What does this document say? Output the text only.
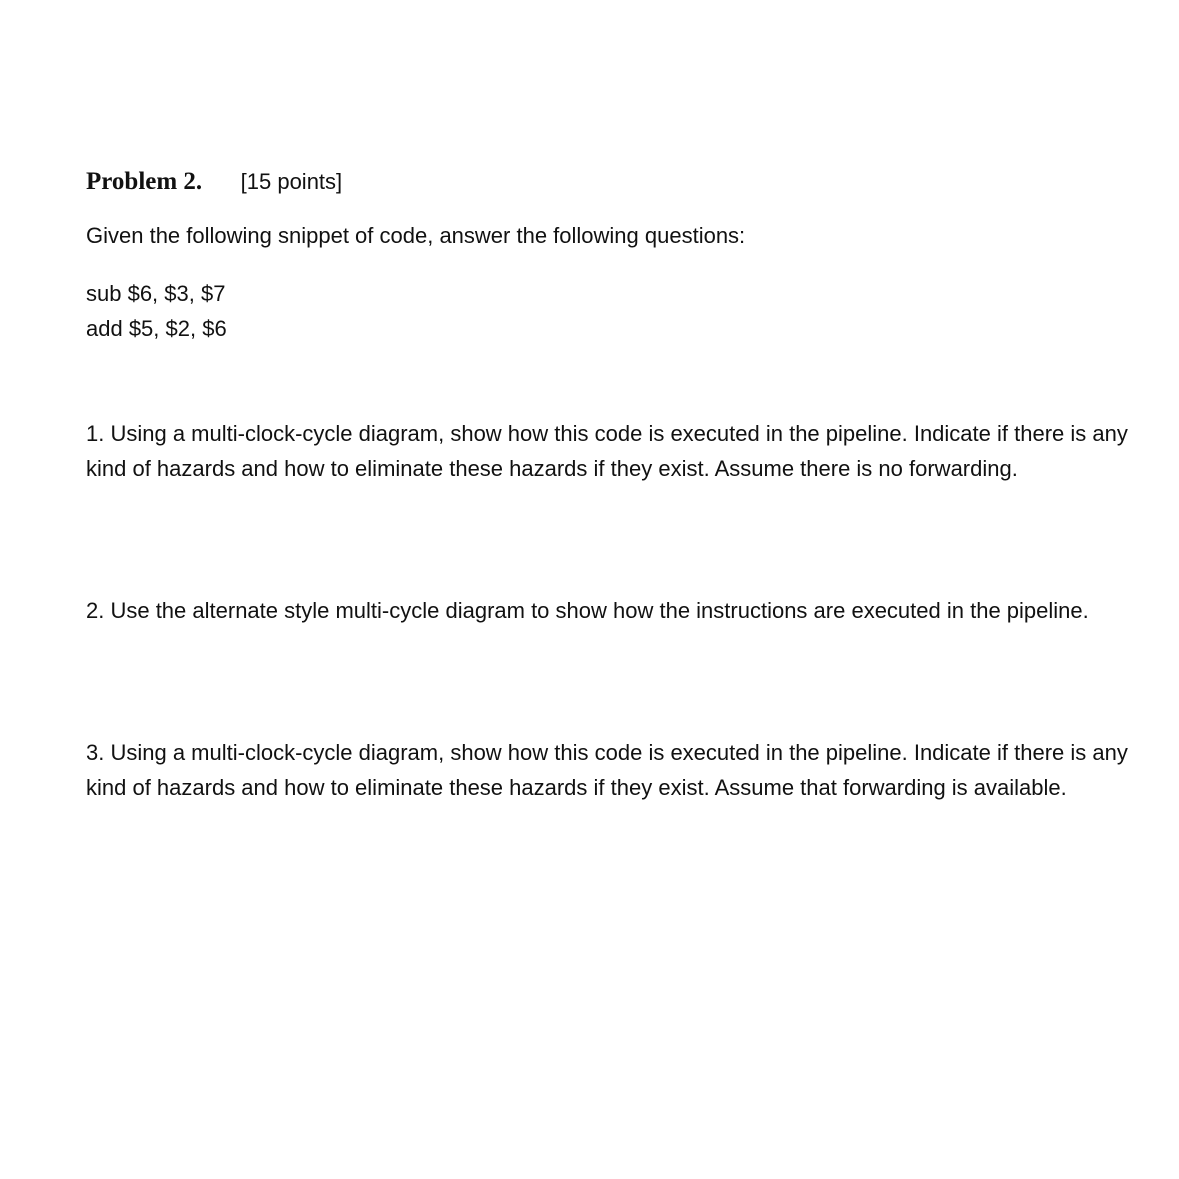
Problem 2. [15 points]
Given the following snippet of code, answer the following questions:
sub $6, $3, $7
add $5, $2, $6
1. Using a multi-clock-cycle diagram, show how this code is executed in the pipeline. Indicate if there is any kind of hazards and how to eliminate these hazards if they exist. Assume there is no forwarding.
2. Use the alternate style multi-cycle diagram to show how the instructions are executed in the pipeline.
3. Using a multi-clock-cycle diagram, show how this code is executed in the pipeline. Indicate if there is any kind of hazards and how to eliminate these hazards if they exist. Assume that forwarding is available.
